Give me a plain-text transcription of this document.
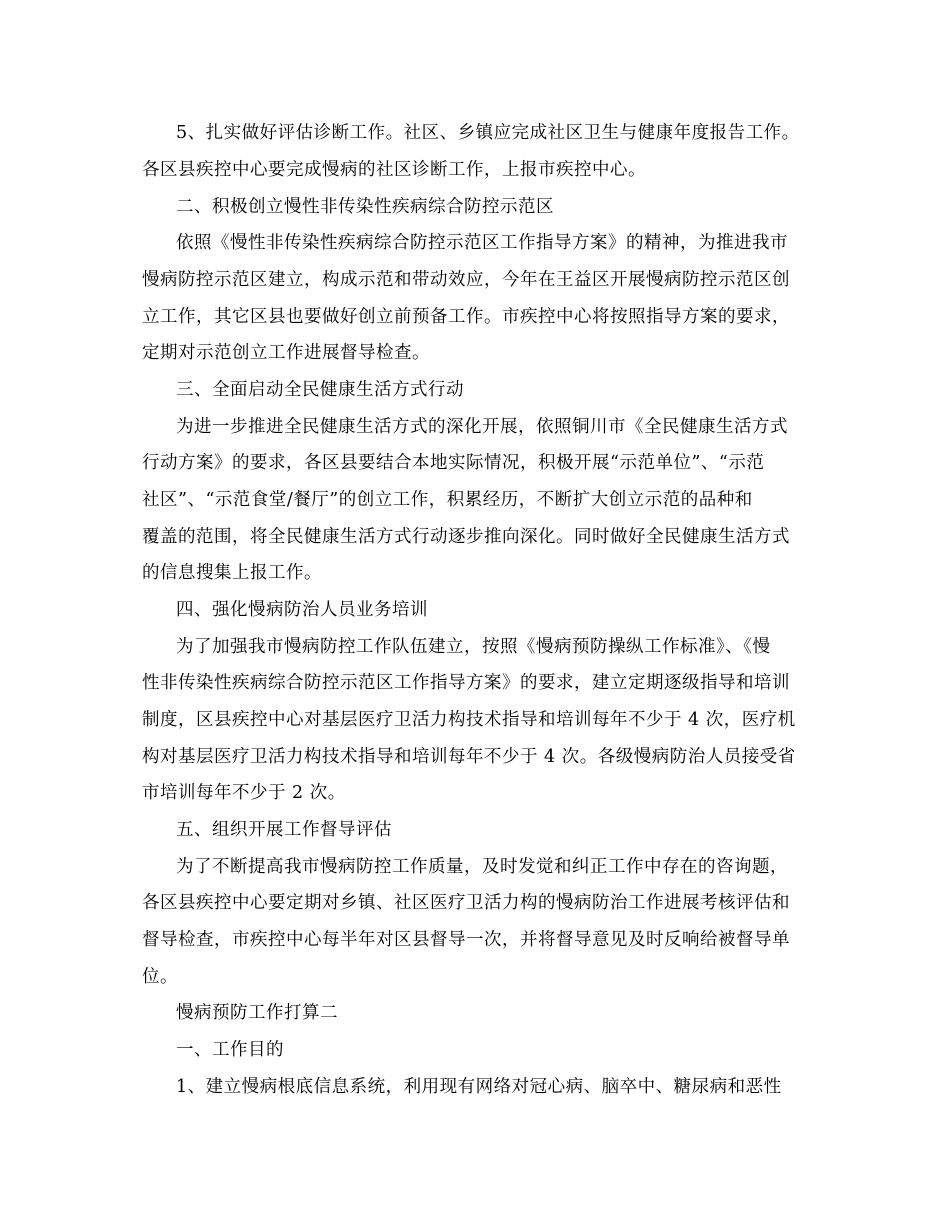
5、扎实做好评估诊断工作。社区、乡镇应完成社区卫生与健康年度报告工作。
各区县疾控中心要完成慢病的社区诊断工作，上报市疾控中心。
二、积极创立慢性非传染性疾病综合防控示范区
依照《慢性非传染性疾病综合防控示范区工作指导方案》的精神，为推进我市
慢病防控示范区建立，构成示范和带动效应，今年在王益区开展慢病防控示范区创
立工作，其它区县也要做好创立前预备工作。市疾控中心将按照指导方案的要求，
定期对示范创立工作进展督导检查。
三、全面启动全民健康生活方式行动
为进一步推进全民健康生活方式的深化开展，依照铜川市《全民健康生活方式
行动方案》的要求，各区县要结合本地实际情况，积极开展“示范单位”、“示范
社区”、“示范食堂/餐厅”的创立工作，积累经历，不断扩大创立示范的品种和
覆盖的范围，将全民健康生活方式行动逐步推向深化。同时做好全民健康生活方式
的信息搜集上报工作。
四、强化慢病防治人员业务培训
为了加强我市慢病防控工作队伍建立，按照《慢病预防操纵工作标准》、《慢
性非传染性疾病综合防控示范区工作指导方案》的要求，建立定期逐级指导和培训
制度，区县疾控中心对基层医疗卫活力构技术指导和培训每年不少于 4 次，医疗机
构对基层医疗卫活力构技术指导和培训每年不少于 4 次。各级慢病防治人员接受省
市培训每年不少于 2 次。
五、组织开展工作督导评估
为了不断提高我市慢病防控工作质量，及时发觉和纠正工作中存在的咨询题，
各区县疾控中心要定期对乡镇、社区医疗卫活力构的慢病防治工作进展考核评估和
督导检查，市疾控中心每半年对区县督导一次，并将督导意见及时反响给被督导单
位。
慢病预防工作打算二
一、工作目的
1、建立慢病根底信息系统，利用现有网络对冠心病、脑卒中、糖尿病和恶性
